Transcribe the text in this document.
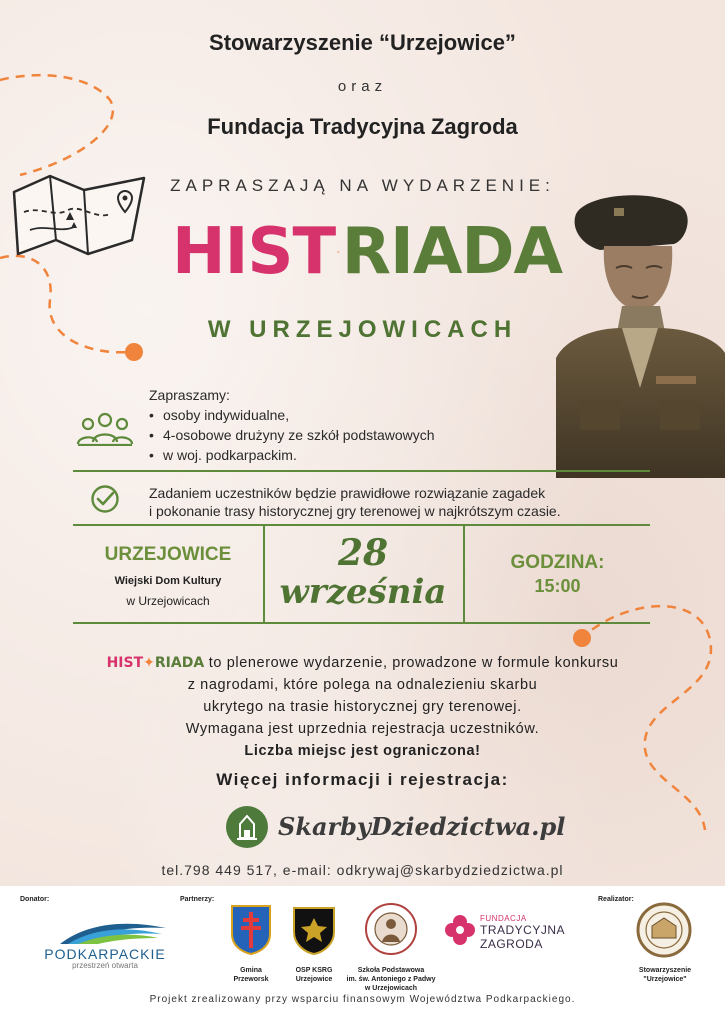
Stowarzyszenie “Urzejowice”
oraz
Fundacja Tradycyjna Zagroda
ZAPRASZAJĄ NA WYDARZENIE:
HIST RIADA
W URZEJOWICACH
Zapraszamy:
• osoby indywidualne,
• 4-osobowe drużyny ze szkół podstawowych
• w woj. podkarpackim.
Zadaniem uczestników będzie prawidłowe rozwiązanie zagadek
i pokonanie trasy historycznej gry terenowej w najkrótszym czasie.
URZEJOWICE
Wiejski Dom Kultury
w Urzejowicach
28
września
GODZINA:
15:00
HIST✦RIADA to plenerowe wydarzenie, prowadzone w formule konkursu
z nagrodami, które polega na odnalezieniu skarbu
ukrytego na trasie historycznej gry terenowej.
Wymagana jest uprzednia rejestracja uczestników.
Liczba miejsc jest ograniczona!
Więcej informacji i rejestracja:
SkarbyDziedzictwa.pl
tel.798 449 517, e-mail: odkrywaj@skarbydziedzictwa.pl
Donator:	Partnerzy:	Realizator:
PODKARPACKIE
przestrzeń otwarta
Gmina
Przeworsk
OSP KSRG
Urzejowice
Szkoła Podstawowa
im. św. Antoniego z Padwy
w Urzejowicach
FUNDACJA
TRADYCYJNA
ZAGRODA
Stowarzyszenie
"Urzejowice"
Projekt zrealizowany przy wsparciu finansowym Województwa Podkarpackiego.
